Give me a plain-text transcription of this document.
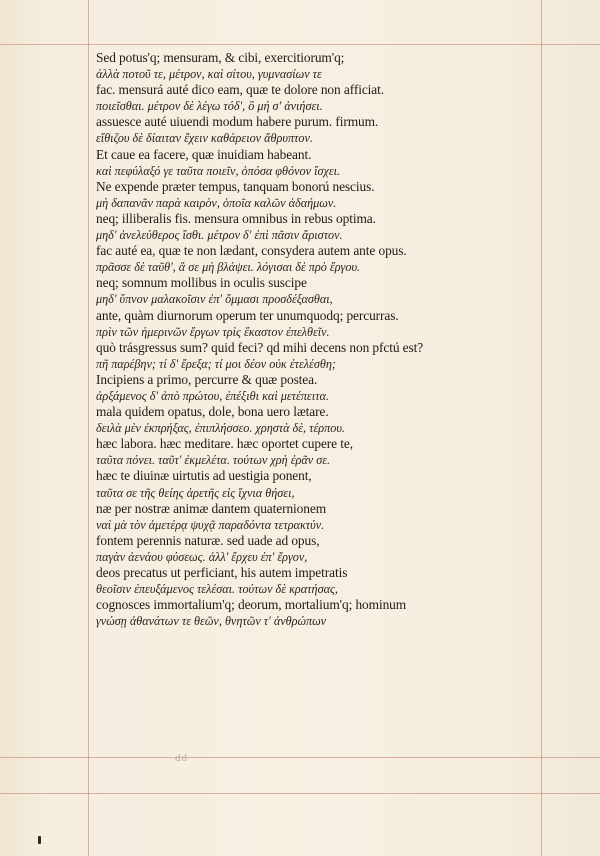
Sed potus'q; mensuram, & cibi, exercitiorum'q;
ἀλλὰ ποτοῦ τε, μέτρον, καὶ σίτου, γυμνασίων τε
fac. mensurá auté dico eam, quæ te dolore non afficiat.
ποιεῖσθαι. μέτρον δὲ λέγω τόδ', ὃ μή σ' ἀνιήσει.
assuesce auté uiuendi modum habere purum. firmum.
εἴθιζου δὲ δίαιταν ἔχειν καθάρειον ἄθρυπτον.
Et caue ea facere, quæ inuidiam habeant.
καὶ πεφύλαξό γε ταῦτα ποιεῖν, ὁπόσα φθόνον ἴσχει.
Ne expende præter tempus, tanquam bonorú nescius.
μὴ δαπανᾶν παρὰ καιρὸν, ὁποῖα καλῶν ἀδαήμων.
neq; illiberalis fis. mensura omnibus in rebus optima.
μηδ' ἀνελεύθερος ἴσθι. μέτρον δ' ἐπὶ πᾶσιν ἄριστον.
fac auté ea, quæ te non lædant, consydera autem ante opus.
πρᾶσσε δὲ ταῦθ', ἅ σε μὴ βλάψει. λόγισαι δὲ πρὸ ἔργου.
neq; somnum mollibus in oculis suscipe
μηδ' ὕπνον μαλακοῖσιν ἐπ' ὄμμασι προσδέξασθαι,
ante, quàm diurnorum operum ter unumquodq; percurras.
πρὶν τῶν ἡμερινῶν ἔργων τρὶς ἕκαστον ἐπελθεῖν.
quò trásgressus sum? quid feci? qd mihi decens non pfctú est?
πῆ παρέβην; τί δ' ἔρεξα; τί μοι δέον οὐκ ἐτελέσθη;
Incipiens a primo, percurre & quæ postea.
ἀρξάμενος δ' ἀπὸ πρώτου, ἐπέξιθι καὶ μετέπειτα.
mala quidem opatus, dole, bona uero lætare.
δειλὰ μὲν ἐκπρήξας, ἐπιπλήσσεο. χρηστὰ δὲ, τέρπου.
hæc labora. hæc meditare. hæc oportet cupere te,
ταῦτα πόνει. ταῦτ' ἐκμελέτα. τούτων χρὴ ἐρᾶν σε.
hæc te diuinæ uirtutis ad uestigia ponent,
ταῦτα σε τῆς θείης ἀρετῆς εἰς ἴχνια θήσει,
næ per nostræ animæ dantem quaternionem
ναὶ μὰ τὸν ἀμετέρᾳ ψυχᾷ παραδόντα τετρακτύν.
fontem perennis naturæ. sed uade ad opus,
παγὰν ἀενάου φύσεως. ἀλλ' ἔρχευ ἐπ' ἔργον,
deos precatus ut perficiant, his autem impetratis
θεοῖσιν ἐπευξάμενος τελέσαι. τούτων δὲ κρατήσας,
cognosces immortalium'q; deorum, mortalium'q; hominum
γνώσῃ ἀθανάτων τε θεῶν, θνητῶν τ' ἀνθρώπων
dd
